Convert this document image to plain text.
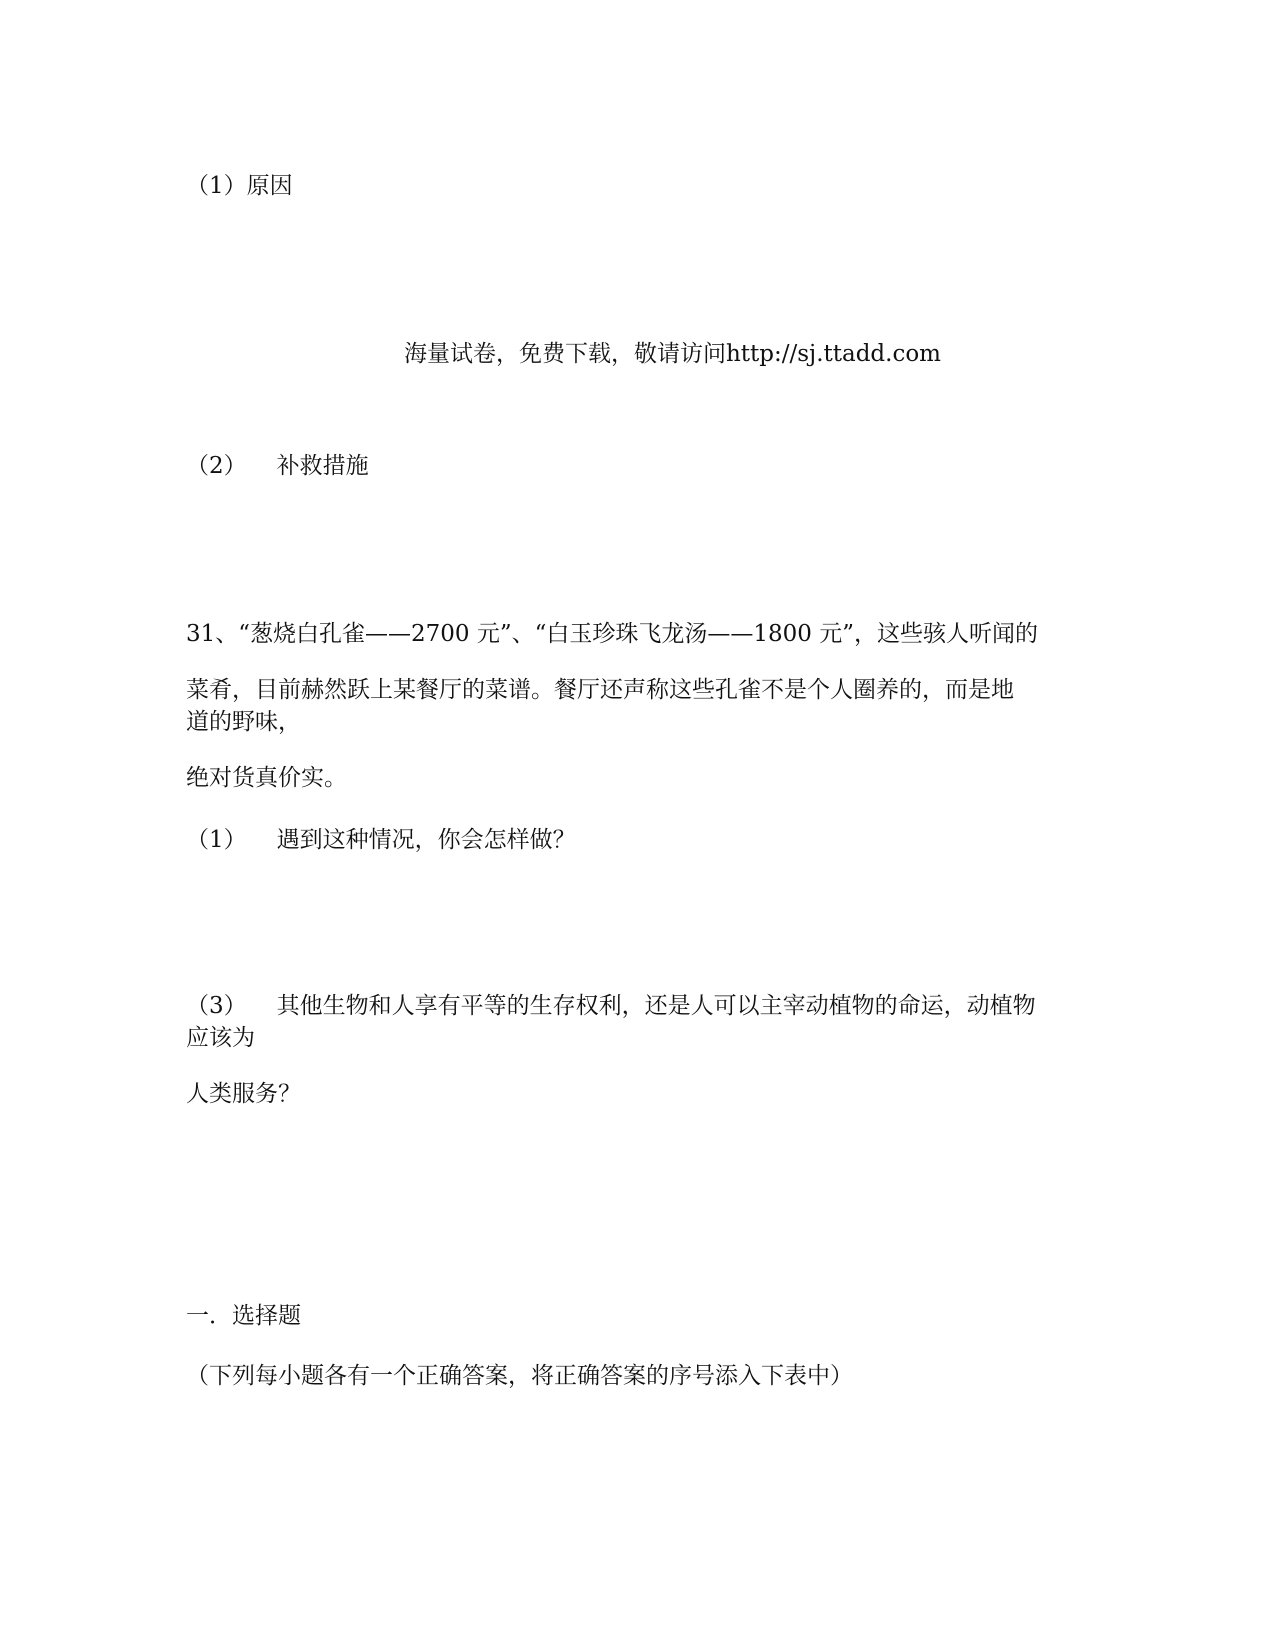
（1）原因
海量试卷，免费下载，敬请访问http://sj.ttadd.com
（2） 补救措施
31、“葱烧白孔雀——2700 元”、“白玉珍珠飞龙汤——1800 元”，这些骇人听闻的
菜肴，目前赫然跃上某餐厅的菜谱。餐厅还声称这些孔雀不是个人圈养的，而是地
道的野味，
绝对货真价实。
（1） 遇到这种情况，你会怎样做？
（3） 其他生物和人享有平等的生存权利，还是人可以主宰动植物的命运，动植物
应该为
人类服务？
一．选择题
（下列每小题各有一个正确答案，将正确答案的序号添入下表中）
